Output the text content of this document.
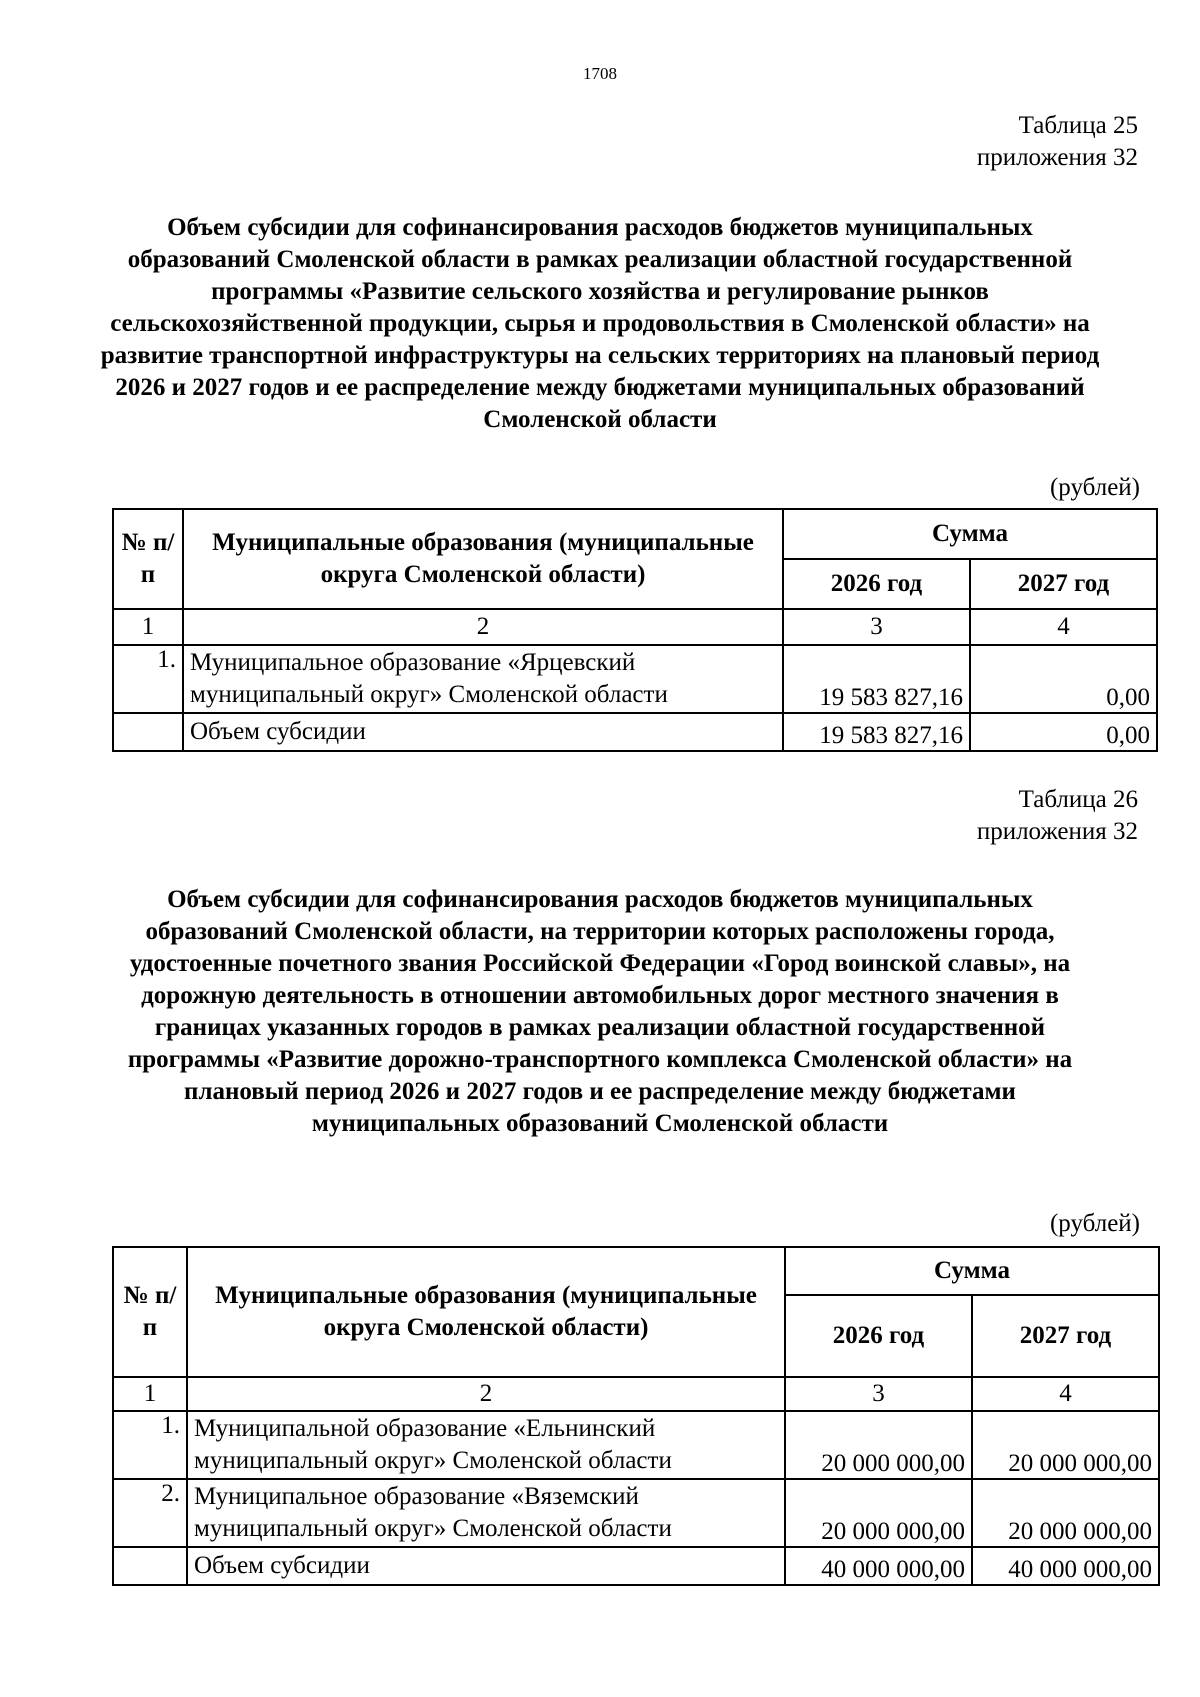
1708
Таблица 25
приложения 32
Объем субсидии для софинансирования расходов бюджетов муниципальных образований Смоленской области в рамках реализации областной государственной программы «Развитие сельского хозяйства и регулирование рынков сельскохозяйственной продукции, сырья и продовольствия в Смоленской области» на развитие транспортной инфраструктуры на сельских территориях на плановый период 2026 и 2027 годов и ее распределение между бюджетами муниципальных образований Смоленской области
(рублей)
№ п/п	Муниципальные образования (муниципальные округа Смоленской области)	Сумма	
		2026 год	2027 год
1	2	3	4
1.	Муниципальное образование «Ярцевский муниципальный округ» Смоленской области	19 583 827,16	0,00
	Объем субсидии	19 583 827,16	0,00
Таблица 26
приложения 32
Объем субсидии для софинансирования расходов бюджетов муниципальных образований Смоленской области, на территории которых расположены города, удостоенные почетного звания Российской Федерации «Город воинской славы», на дорожную деятельность в отношении автомобильных дорог местного значения в границах указанных городов в рамках реализации областной государственной программы «Развитие дорожно-транспортного комплекса Смоленской области» на плановый период 2026 и 2027 годов и ее распределение между бюджетами муниципальных образований Смоленской области
(рублей)
№ п/п	Муниципальные образования (муниципальные округа Смоленской области)	Сумма	
		2026 год	2027 год
1	2	3	4
1.	Муниципальной образование «Ельнинский муниципальный округ» Смоленской области	20 000 000,00	20 000 000,00
2.	Муниципальное образование «Вяземский муниципальный округ» Смоленской области	20 000 000,00	20 000 000,00
	Объем субсидии	40 000 000,00	40 000 000,00
